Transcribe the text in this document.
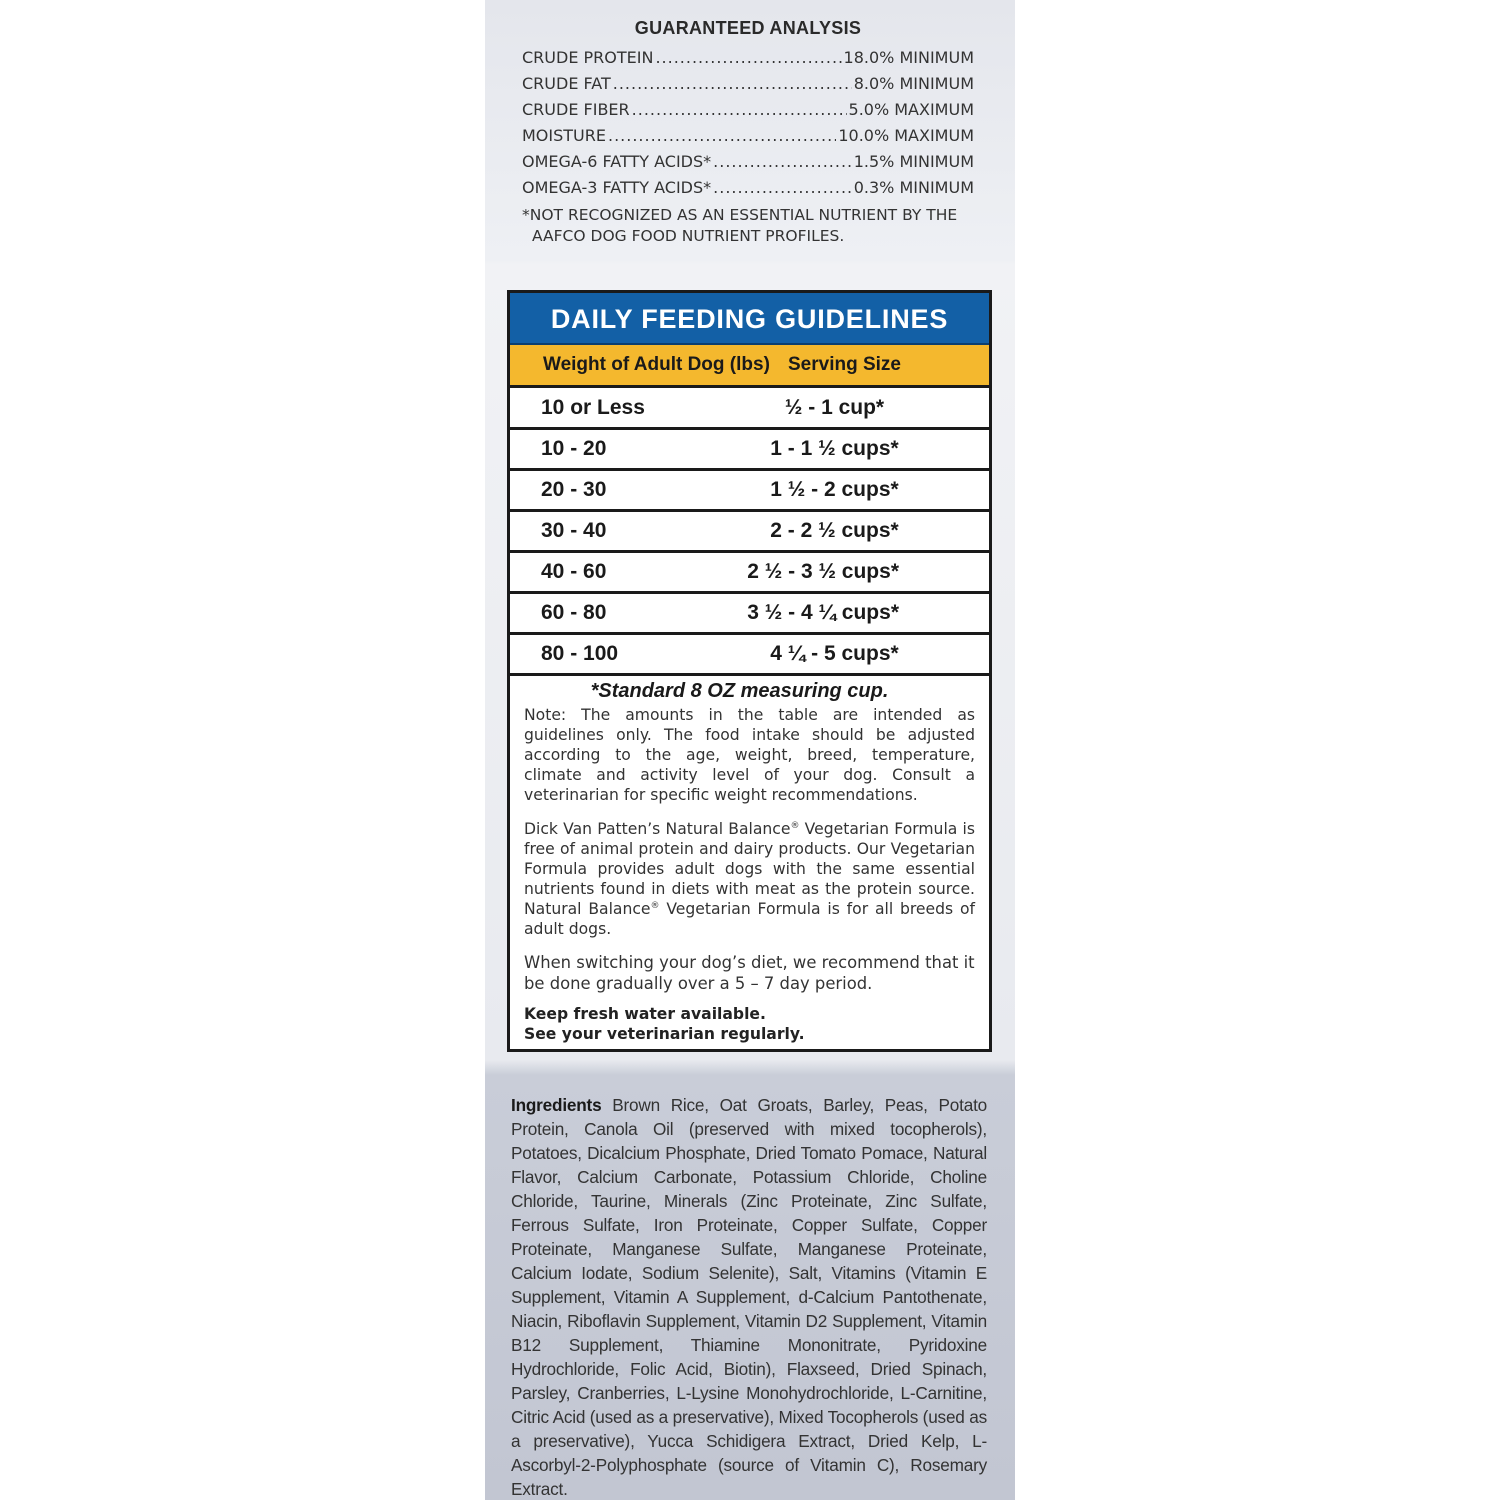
GUARANTEED ANALYSIS
CRUDE PROTEIN .....	18.0% MINIMUM
CRUDE FAT .....	8.0% MINIMUM
CRUDE FIBER .....	5.0% MAXIMUM
MOISTURE .....	10.0% MAXIMUM
OMEGA-6 FATTY ACIDS* .....	1.5% MINIMUM
OMEGA-3 FATTY ACIDS* .....	0.3% MINIMUM
*NOT RECOGNIZED AS AN ESSENTIAL NUTRIENT BY THE AAFCO DOG FOOD NUTRIENT PROFILES.
DAILY FEEDING GUIDELINES
Weight of Adult Dog (lbs) Serving Size
10 or Less	½ - 1 cup*
10 - 20	1 - 1 ½ cups*
20 - 30	1 ½ - 2 cups*
30 - 40	2 - 2 ½ cups*
40 - 60	2 ½ - 3 ½ cups*
60 - 80	3 ½ - 4 ¼ cups*
80 - 100	4 ¼ - 5 cups*
*Standard 8 OZ measuring cup.

Note: The amounts in the table are intended as guidelines only. The food intake should be adjusted according to the age, weight, breed, temperature, climate and activity level of your dog. Consult a veterinarian for specific weight recommendations.

Dick Van Patten’s Natural Balance® Vegetarian Formula is free of animal protein and dairy products. Our Vegetarian Formula provides adult dogs with the same essential nutrients found in diets with meat as the protein source. Natural Balance® Vegetarian Formula is for all breeds of adult dogs.

When switching your dog’s diet, we recommend that it be done gradually over a 5 – 7 day period.

Keep fresh water available.
See your veterinarian regularly.

Ingredients Brown Rice, Oat Groats, Barley, Peas, Potato Protein, Canola Oil (preserved with mixed tocopherols), Potatoes, Dicalcium Phosphate, Dried Tomato Pomace, Natural Flavor, Calcium Carbonate, Potassium Chloride, Choline Chloride, Taurine, Minerals (Zinc Proteinate, Zinc Sulfate, Ferrous Sulfate, Iron Proteinate, Copper Sulfate, Copper Proteinate, Manganese Sulfate, Manganese Proteinate, Calcium Iodate, Sodium Selenite), Salt, Vitamins (Vitamin E Supplement, Vitamin A Supplement, d-Calcium Pantothenate, Niacin, Riboflavin Supplement, Vitamin D2 Supplement, Vitamin B12 Supplement, Thiamine Mononitrate, Pyridoxine Hydrochloride, Folic Acid, Biotin), Flaxseed, Dried Spinach, Parsley, Cranberries, L-Lysine Monohydrochloride, L-Carnitine, Citric Acid (used as a preservative), Mixed Tocopherols (used as a preservative), Yucca Schidigera Extract, Dried Kelp, L-Ascorbyl-2-Polyphosphate (source of Vitamin C), Rosemary Extract.
